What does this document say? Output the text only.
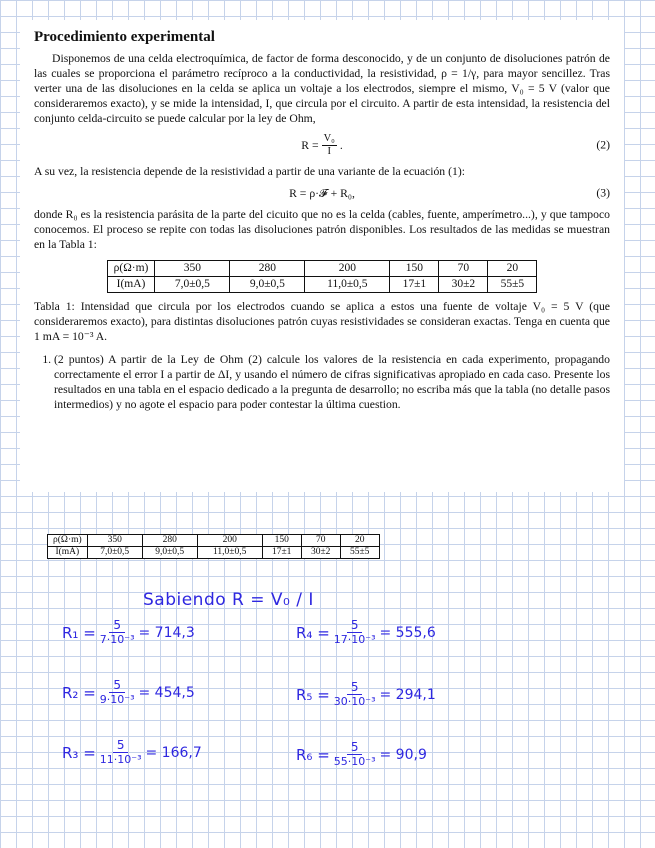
Procedimiento experimental

Disponemos de una celda electroquímica, de factor de forma desconocido, y de un conjunto de disoluciones patrón de las cuales se proporciona el parámetro recíproco a la conductividad, la resistividad, ρ = 1/γ, para mayor sencillez. Tras verter una de las disoluciones en la celda se aplica un voltaje a los electrodos, siempre el mismo, V₀ = 5 V (valor que consideraremos exacto), y se mide la intensidad, I, que circula por el circuito. A partir de esta intensidad, la resistencia del conjunto celda-circuito se puede calcular por la ley de Ohm,

$R = \frac{\text{V₀}}{I}$ .	(2)

A su vez, la resistencia depende de la resistividad a partir de una variante de la ecuación (1):

R = ρ·𝓕 + R₀,	(3)

donde R₀ es la resistencia parásita de la parte del cicuito que no es la celda (cables, fuente, amperímetro...), y que tampoco conocemos. El proceso se repite con todas las disoluciones patrón disponibles. Los resultados de las medidas se muestran en la Tabla 1:

ρ(Ω·m)	350	280	200	150	70	20
I(mA)	7,0±0,5	9,0±0,5	11,0±0,5	17±1	30±2	55±5

Tabla 1: Intensidad que circula por los electrodos cuando se aplica a estos una fuente de voltaje V₀ = 5 V (que consideraremos exacto), para distintas disoluciones patrón cuyas resistividades se consideran exactas. Tenga en cuenta que 1 mA = 10⁻³ A.

1. (2 puntos) A partir de la Ley de Ohm (2) calcule los valores de la resistencia en cada experimento, propagando correctamente el error I a partir de ΔI, y usando el número de cifras significativas apropiado en cada caso. Presente los resultados en una tabla en el espacio dedicado a la pregunta de desarrollo; no escriba más que la tabla (no detalle pasos intermedios) y no agote el espacio para poder contestar la última cuestion.
ρ(Ω·m)	350	280	200	150	70	20
I(mA)	7,0±0,5	9,0±0,5	11,0±0,5	17±1	30±2	55±5
Sabiendo R = V₀ / I
$R_1 = \frac{5}{\text{7·10⁻³}} = 714,3$
$R_2 = \frac{5}{\text{9·10⁻³}} = 454,5$
$R_3 = \frac{5}{\text{11·10⁻³}} = 166,7$
$R_4 = \frac{5}{\text{17·10⁻³}} = 555,6$
$R_5 = \frac{5}{\text{30·10⁻³}} = 294,1$
$R_6 = \frac{5}{\text{55·10⁻³}} = 90,9$
